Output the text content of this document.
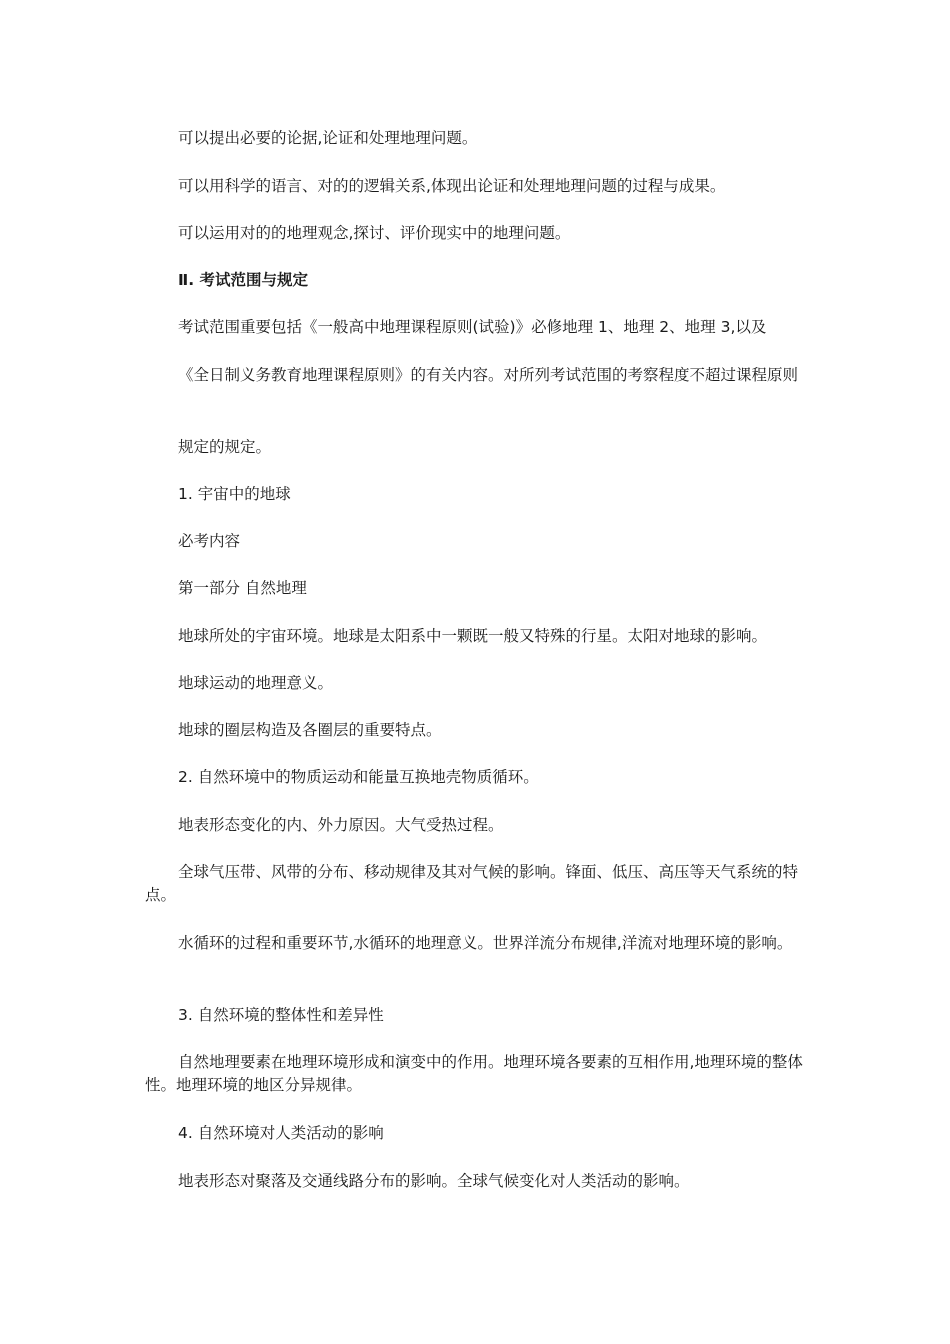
可以提出必要的论据,论证和处理地理问题。

可以用科学的语言、对的的逻辑关系,体现出论证和处理地理问题的过程与成果。

可以运用对的的地理观念,探讨、评价现实中的地理问题。

Ⅱ. 考试范围与规定

考试范围重要包括《一般高中地理课程原则(试验)》必修地理 1、地理 2、地理 3,以及

《全日制义务教育地理课程原则》的有关内容。对所列考试范围的考察程度不超过课程原则

规定的规定。

1. 宇宙中的地球

必考内容

第一部分 自然地理

地球所处的宇宙环境。地球是太阳系中一颗既一般又特殊的行星。太阳对地球的影响。

地球运动的地理意义。

地球的圈层构造及各圈层的重要特点。

2. 自然环境中的物质运动和能量互换地壳物质循环。

地表形态变化的内、外力原因。大气受热过程。

全球气压带、风带的分布、移动规律及其对气候的影响。锋面、低压、高压等天气系统的特点。

水循环的过程和重要环节,水循环的地理意义。世界洋流分布规律,洋流对地理环境的影响。

3. 自然环境的整体性和差异性

自然地理要素在地理环境形成和演变中的作用。地理环境各要素的互相作用,地理环境的整体性。地理环境的地区分异规律。

4. 自然环境对人类活动的影响

地表形态对聚落及交通线路分布的影响。全球气候变化对人类活动的影响。
